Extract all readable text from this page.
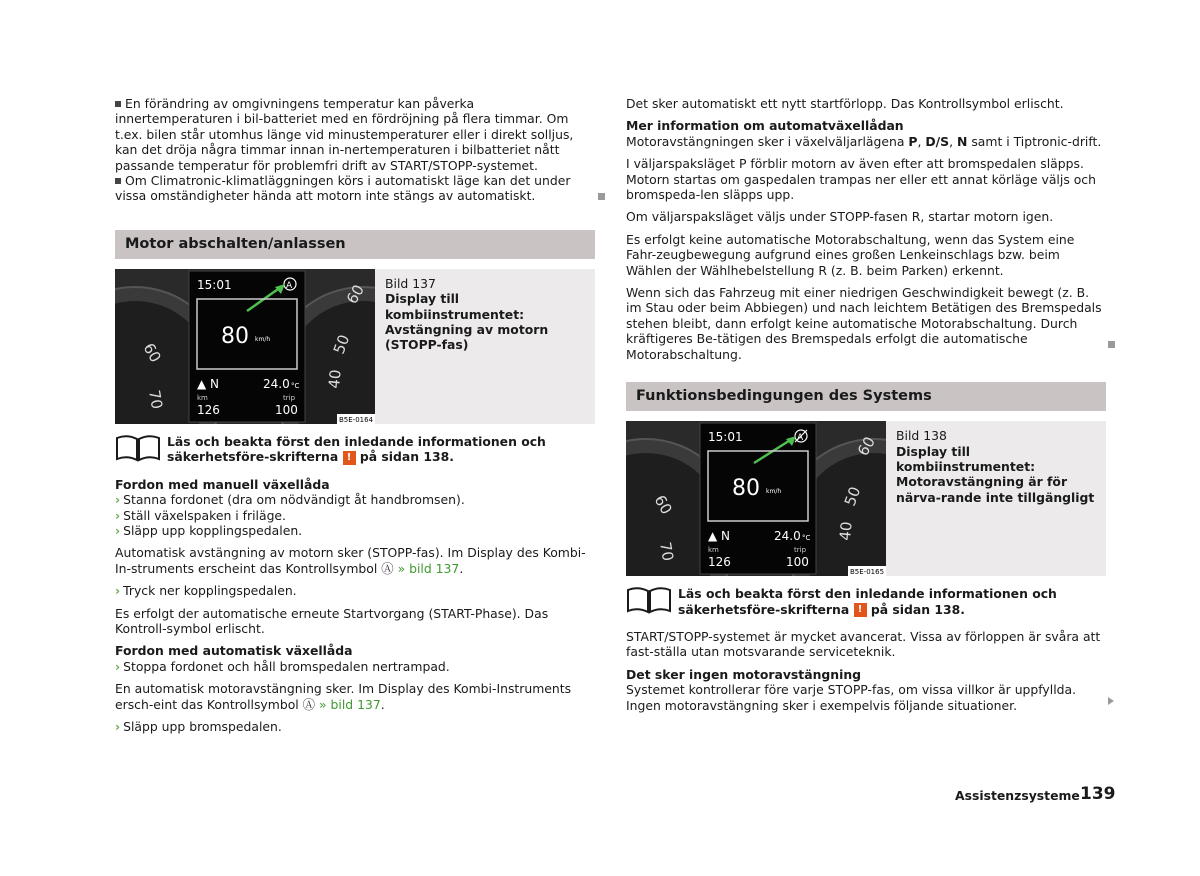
En förändring av omgivningens temperatur kan påverka innertemperaturen i bil-batteriet med en fördröjning på flera timmar. Om t.ex. bilen står utomhus länge vid minustemperaturer eller i direkt solljus, kan det dröja några timmar innan in-nertemperaturen i bilbatteriet nått passande temperatur för problemfri drift av START/STOPP-systemet.
Om Climatronic-klimatläggningen körs i automatiskt läge kan det under vissa omständigheter hända att motorn inte stängs av automatiskt.

Motor abschalten/anlassen
60
70
60
50
40
15:01	A
80 km/h
▲ N	24.0 °C
km	trip
126	100
B5E-0164
Bild 137
Display till kombiinstrumentet: Avstängning av motorn (STOPP-fas)
Läs och beakta först den inledande informationen och säkerhetsföre-skrifterna ! på sidan 138.

Fordon med manuell växellåda

› Stanna fordonet (dra om nödvändigt åt handbromsen).
› Ställ växelspaken i friläge.
› Släpp upp kopplingspedalen.

Automatisk avstängning av motorn sker (STOPP-fas). Im Display des Kombi-In-struments erscheint das Kontrollsymbol Ⓐ » bild 137.

› Tryck ner kopplingspedalen.

Es erfolgt der automatische erneute Startvorgang (START-Phase). Das Kontroll-symbol erlischt.

Fordon med automatisk växellåda

› Stoppa fordonet och håll bromspedalen nertrampad.

En automatisk motoravstängning sker. Im Display des Kombi-Instruments ersch-eint das Kontrollsymbol Ⓐ » bild 137.

› Släpp upp bromspedalen.

Det sker automatiskt ett nytt startförlopp. Das Kontrollsymbol erlischt.

Mer information om automatväxellådan

Motoravstängningen sker i växelväljarlägena P, D/S, N samt i Tiptronic-drift.

I väljarspaksläget P förblir motorn av även efter att bromspedalen släpps. Motorn startas om gaspedalen trampas ner eller ett annat körläge väljs och bromspeda-len släpps upp.

Om väljarspaksläget väljs under STOPP-fasen R, startar motorn igen.

Es erfolgt keine automatische Motorabschaltung, wenn das System eine Fahr-zeugbewegung aufgrund eines großen Lenkeinschlags bzw. beim Wählen der Wählhebelstellung R (z. B. beim Parken) erkennt.

Wenn sich das Fahrzeug mit einer niedrigen Geschwindigkeit bewegt (z. B. im Stau oder beim Abbiegen) und nach leichtem Betätigen des Bremspedals stehen bleibt, dann erfolgt keine automatische Motorabschaltung. Durch kräftigeres Be-tätigen des Bremspedals erfolgt die automatische Motorabschaltung.

Funktionsbedingungen des Systems
60
70
60
50
40
15:01	A
80 km/h
▲ N	24.0 °C
km	trip
126	100
B5E-0165
Bild 138
Display till kombiinstrumentet: Motoravstängning är för närva-rande inte tillgängligt
Läs och beakta först den inledande informationen och säkerhetsföre-skrifterna ! på sidan 138.

START/STOPP-systemet är mycket avancerat. Vissa av förloppen är svåra att fast-ställa utan motsvarande serviceteknik.

Det sker ingen motoravstängning

Systemet kontrollerar före varje STOPP-fas, om vissa villkor är uppfyllda. Ingen motoravstängning sker i exempelvis följande situationer.

Assistenzsysteme 139
